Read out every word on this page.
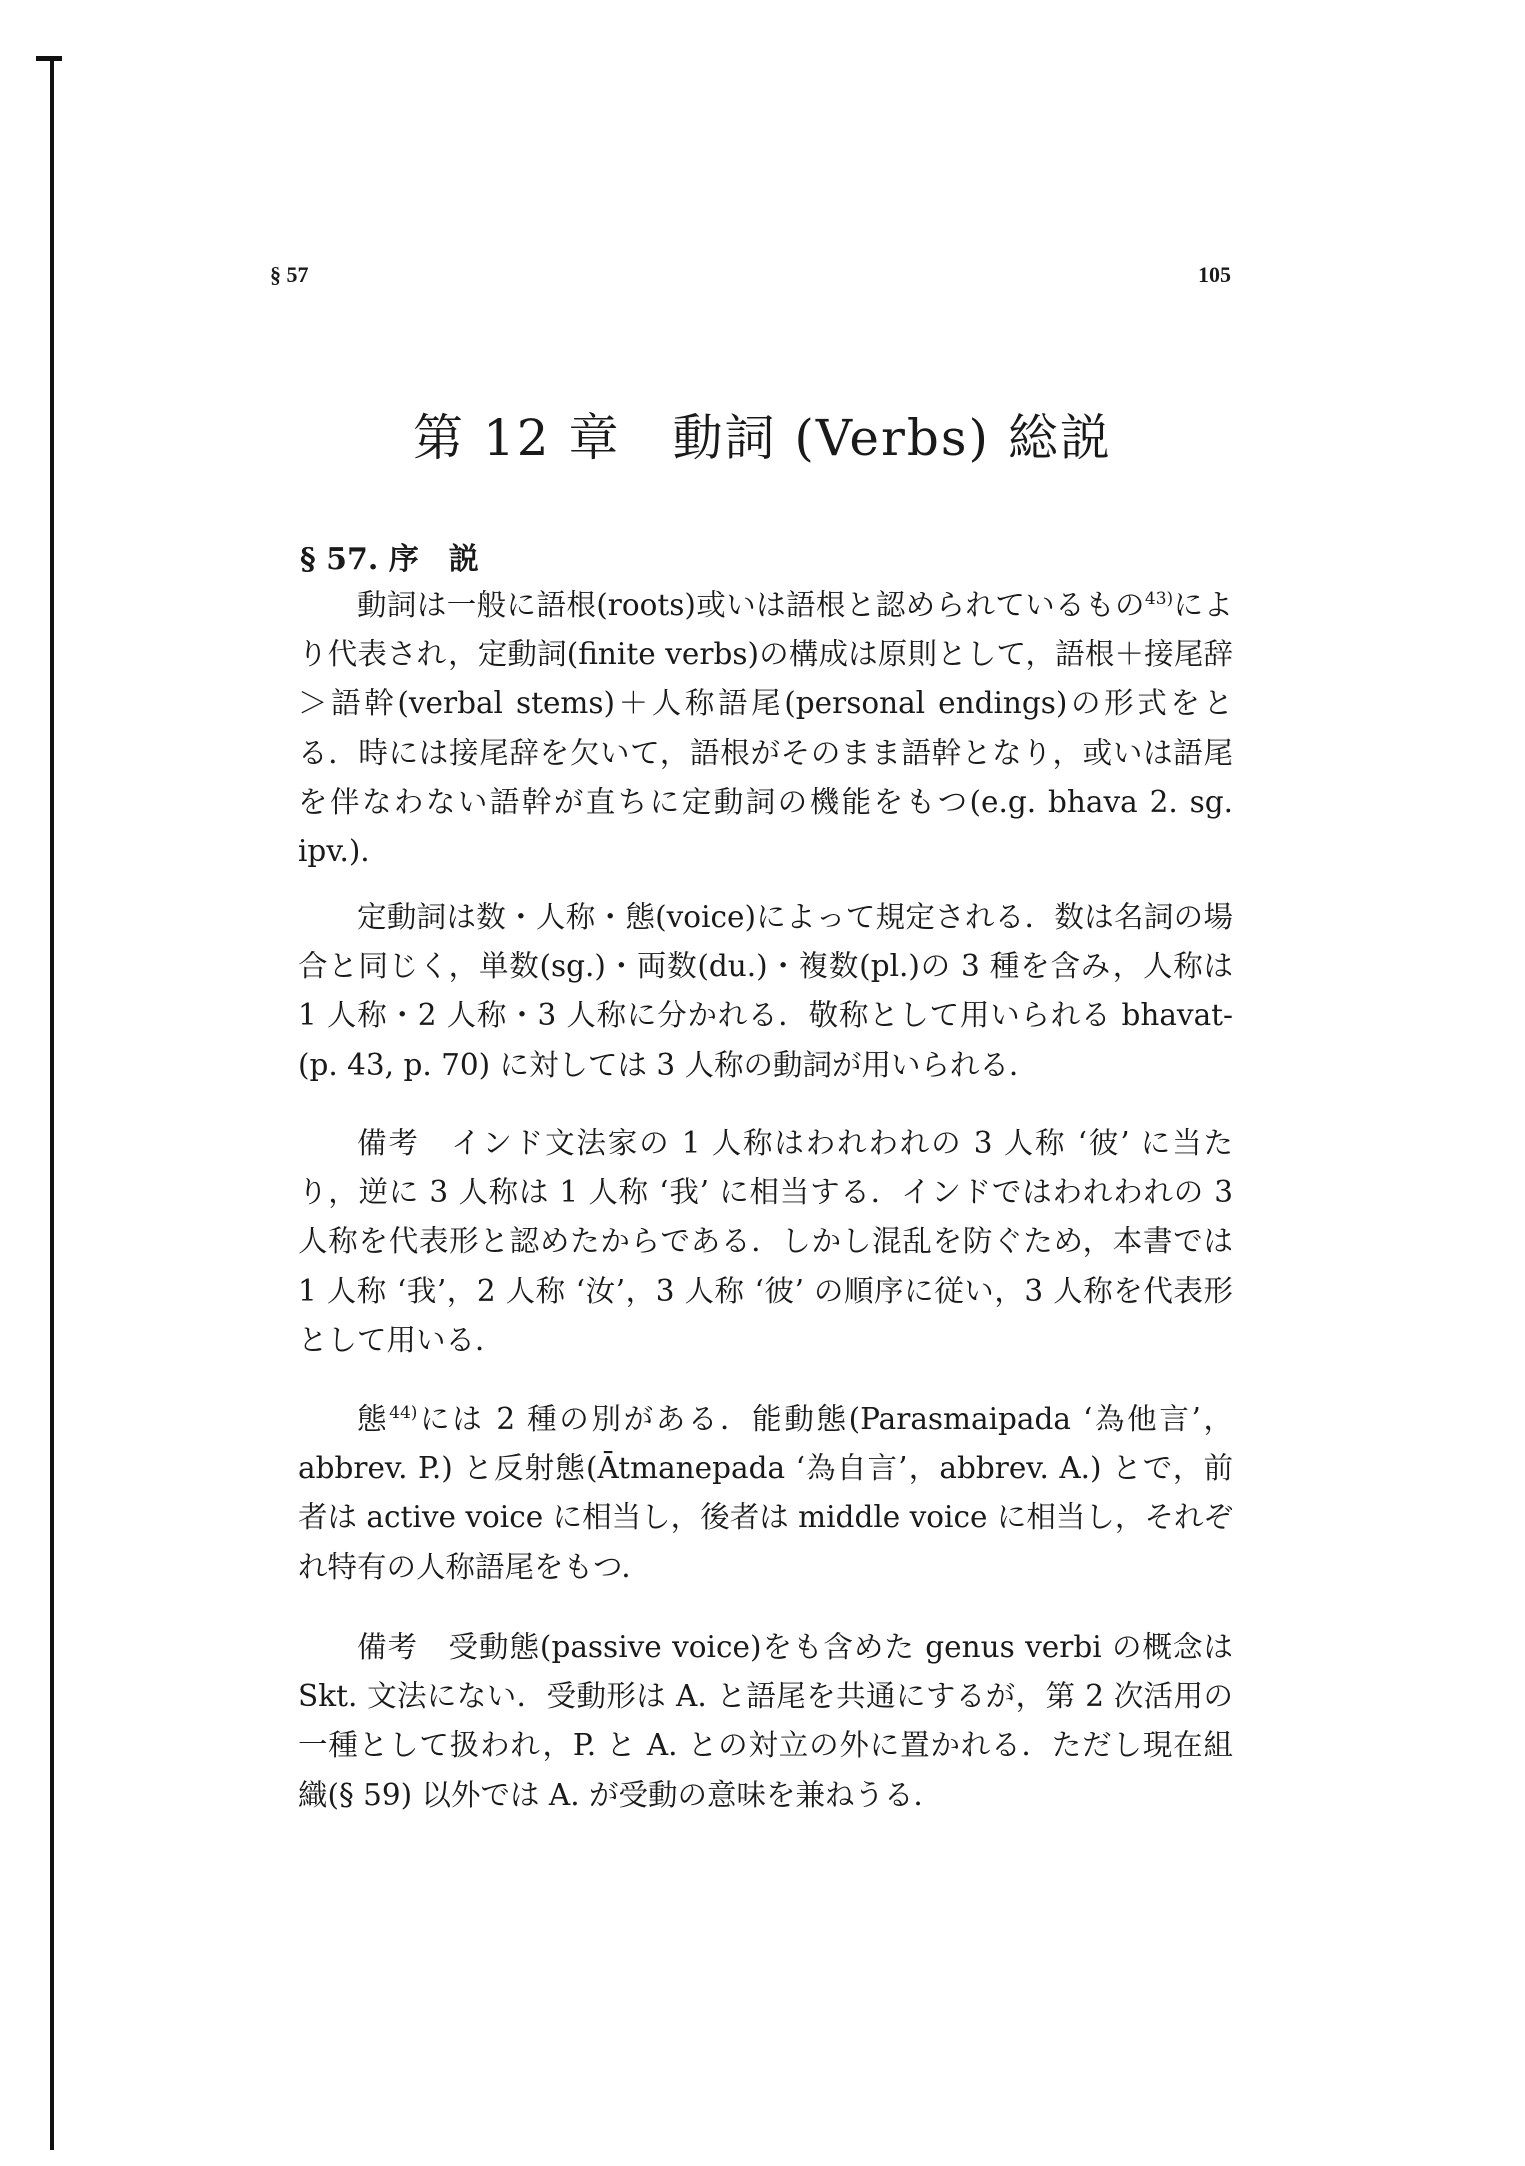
§ 57	105
第 12 章　動詞 (Verbs) 総説
§ 57. 序　説

動詞は一般に語根(roots)或いは語根と認められているもの$^{43)}$により代表され，定動詞(finite verbs)の構成は原則として，語根＋接尾辞＞語幹(verbal stems)＋人称語尾(personal endings)の形式をとる．時には接尾辞を欠いて，語根がそのまま語幹となり，或いは語尾を伴なわない語幹が直ちに定動詞の機能をもつ(e.g. bhava 2. sg. ipv.)．

定動詞は数・人称・態(voice)によって規定される．数は名詞の場合と同じく，単数(sg.)・両数(du.)・複数(pl.)の 3 種を含み，人称は 1 人称・2 人称・3 人称に分かれる．敬称として用いられる bhavat-(p. 43, p. 70) に対しては 3 人称の動詞が用いられる．

備考　インド文法家の 1 人称はわれわれの 3 人称 ‘彼’ に当たり，逆に 3 人称は 1 人称 ‘我’ に相当する．インドではわれわれの 3 人称を代表形と認めたからである．しかし混乱を防ぐため，本書では 1 人称 ‘我’，2 人称 ‘汝’，3 人称 ‘彼’ の順序に従い，3 人称を代表形として用いる．

態$^{44)}$には 2 種の別がある．能動態(Parasmaipada ‘為他言’，abbrev. P.) と反射態(Ātmanepada ‘為自言’，abbrev. A.) とで，前者は active voice に相当し，後者は middle voice に相当し，それぞれ特有の人称語尾をもつ．

備考　受動態(passive voice)をも含めた genus verbi の概念は Skt. 文法にない．受動形は A. と語尾を共通にするが，第 2 次活用の一種として扱われ，P. と A. との対立の外に置かれる．ただし現在組織(§ 59) 以外では A. が受動の意味を兼ねうる．
